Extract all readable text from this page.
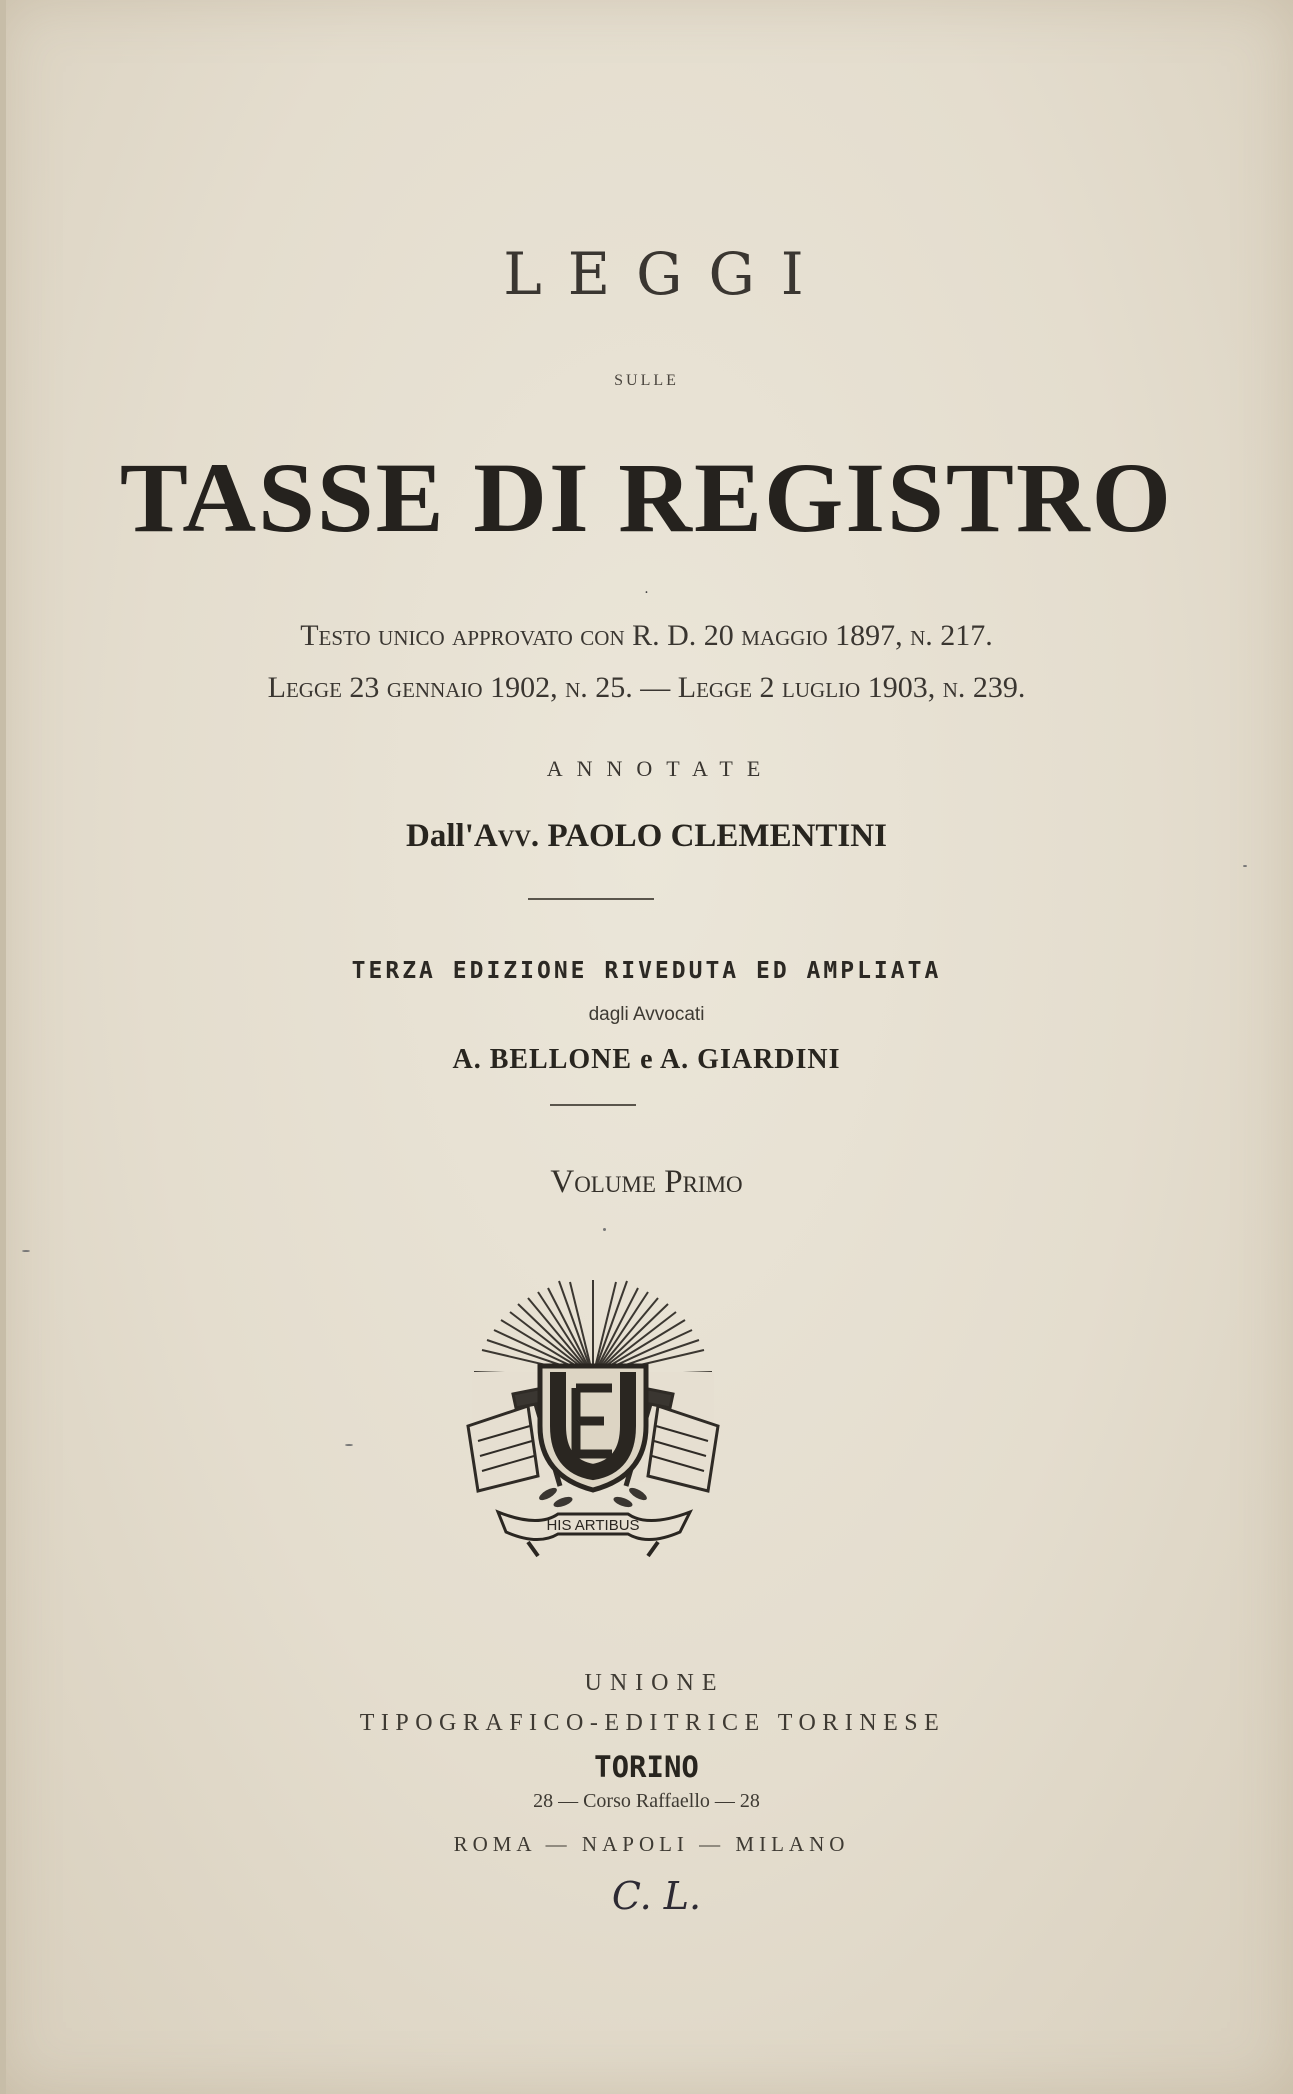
LEGGI
SULLE
TASSE DI REGISTRO
·
Testo unico approvato con R. D. 20 maggio 1897, n. 217.
Legge 23 gennaio 1902, n. 25. — Legge 2 luglio 1903, n. 239.
ANNOTATE
Dall'Avv. PAOLO CLEMENTINI
TERZA EDIZIONE RIVEDUTA ED AMPLIATA
dagli Avvocati
A. BELLONE e A. GIARDINI
Volume Primo
HIS ARTIBUS
UNIONE
TIPOGRAFICO-EDITRICE TORINESE
TORINO
28 — Corso Raffaello — 28
ROMA — NAPOLI — MILANO
C. L.
